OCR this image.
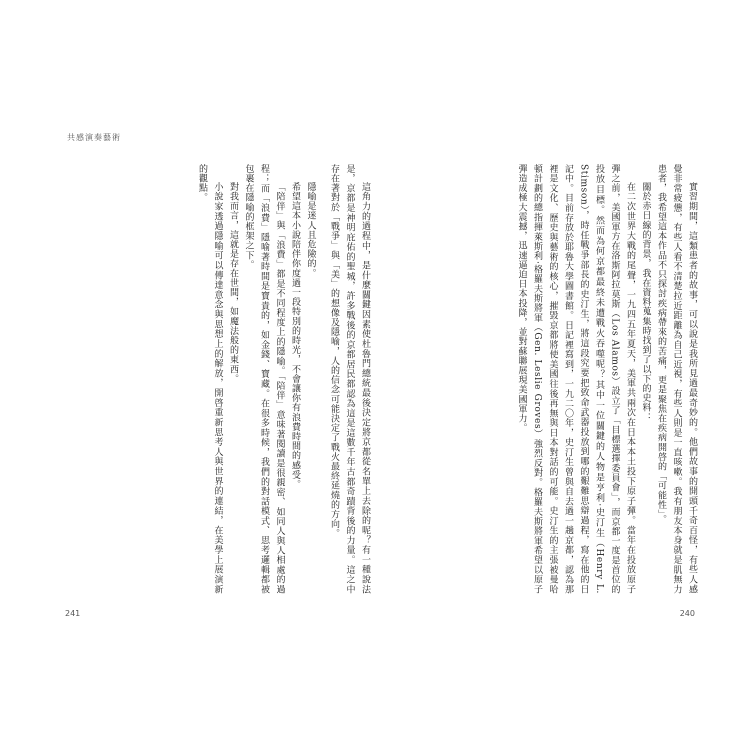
共感演奏藝術

這角力的過程中，是什麼關鍵因素使杜魯門總統最後決定將京都從名單上去除的呢？有一種說法是，京都是神明庇佑的聖城，許多戰後的京都居民都認為這是這數千年古都奇蹟背後的力量。這之中存在著對於「戰爭」與「美」的想像及隱喻，人的信念可能決定了戰火最終延燒的方向。

隱喻是迷人且危險的。

希望這本小說陪伴你度過一段特別的時光，不會讓你有浪費時間的感受。

「陪伴」與「浪費」都是不同程度上的隱喻。「陪伴」意味著閱讀是很親密、如同人與人相處的過程；而「浪費」隱喻著時間是寶貴的，如金錢、寶藏。在很多時候，我們的對話模式、思考邏輯都被包裹在隱喻的框架之下。

對我而言，這就是存在世間，如魔法般的東西。

小說家透過隱喻可以傳達意念與思想上的解放，開啓重新思考人與世界的連結，在美學上展演新的觀點。

241

實習期間，這類患者的故事，可以說是我所見過最奇妙的。他們故事的開頭千奇百怪，有些人感覺非常疲憊，有些人看不清楚拉近距離為自己近視，有些人則是一直咳嗽。我有朋友本身就是肌無力患者，我希望這本作品不只探討疾病帶來的苦痛，更是聚焦在疾病開啓的「可能性」。

關於赤日線的背景，我在資料蒐集時找到了以下的史料：

在二次世界大戰的尾聲，一九四五年夏天，美軍共兩次在日本本土投下原子彈。當年在投放原子彈之前，美國軍方在洛斯阿拉莫斯（Los Alamos）設立了「目標選擇委員會」，而京都一度是首位的投放目標。然而為何京都最終未遭戰火吞噬呢？其中一位關鍵的人物是亨利·史汀生（Henry L. Stimson），時任戰爭部長的史汀生，將這段究要把致命武器投放到哪的艱難思辯過程，寫在他的日記中。目前存放於耶魯大學圖書館。日記裡寫到，一九二〇年，史汀生曾與自去過一趟京都，認為那裡是文化、歷史與藝術的核心，摧毀京都將使美國往後再無與日本對話的可能。史汀生的主張被曼哈頓計劃的總指揮萊斯利·格羅夫斯將軍（Gen. Leslie Groves）強烈反對。格羅夫斯將軍希望以原子彈造成極大震撼，迅速逼迫日本投降，並對蘇聯展現美國軍力。

240
